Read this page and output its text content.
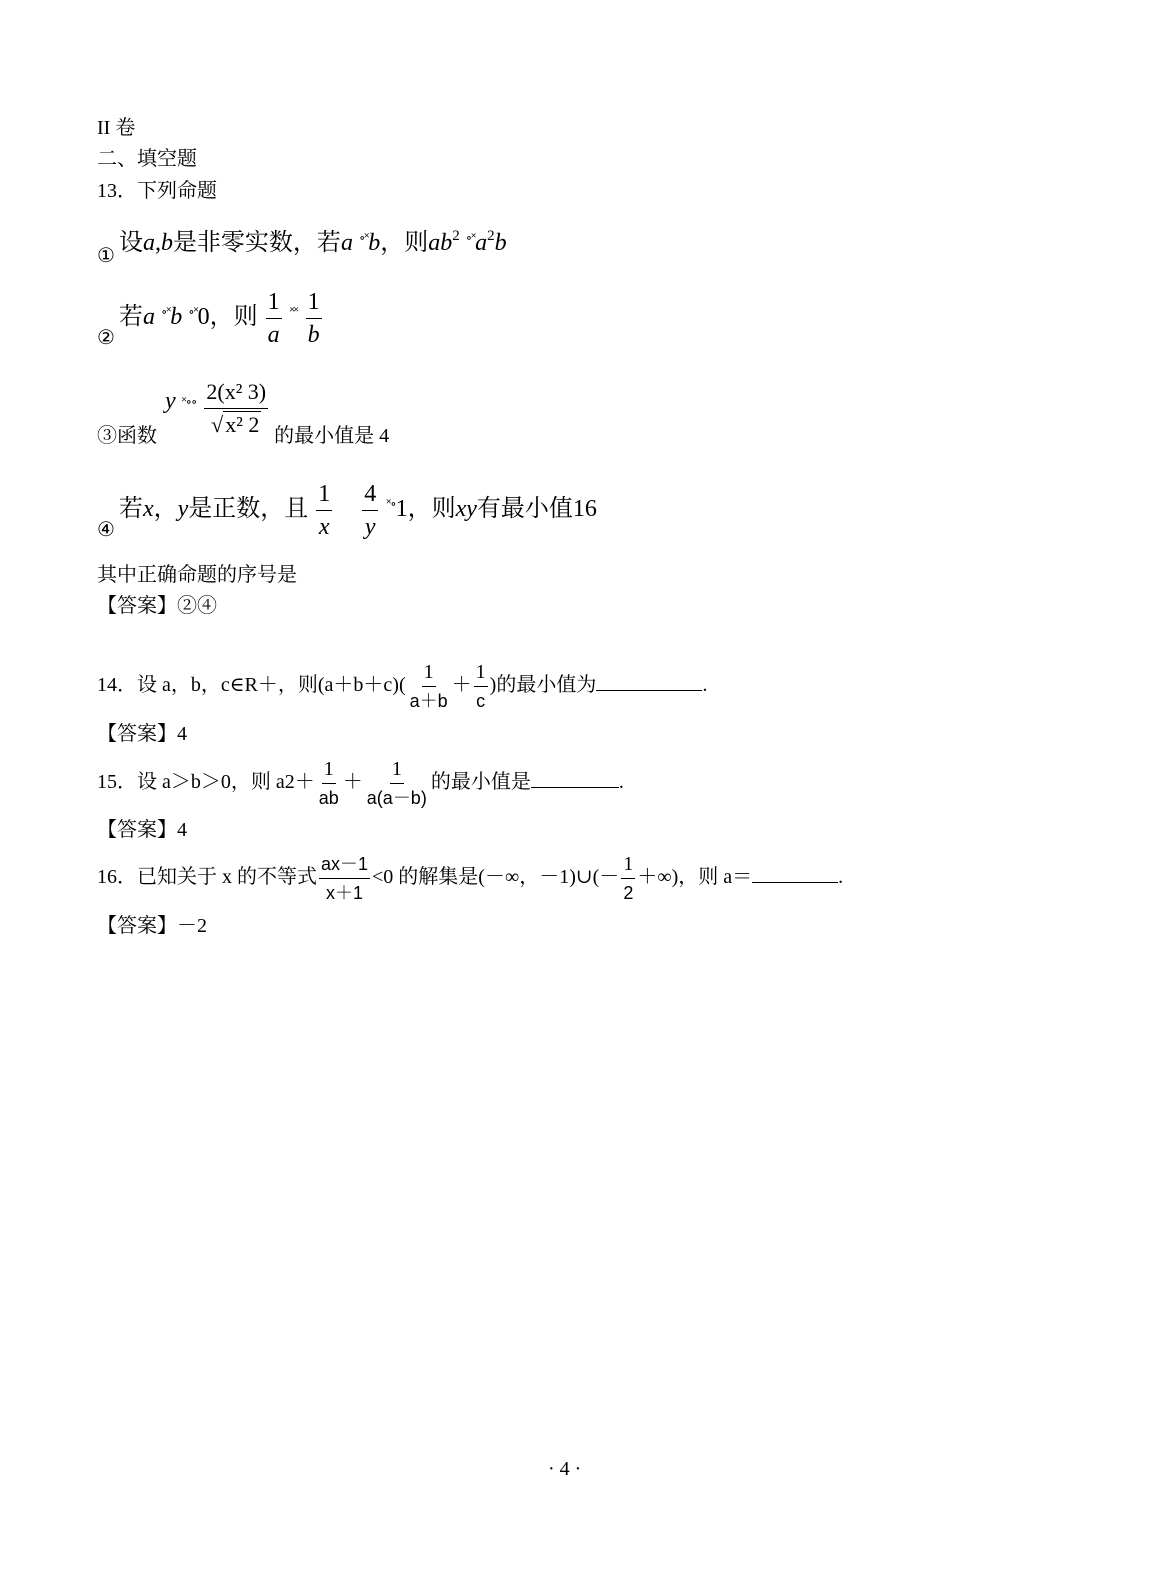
II 卷
二、填空题
13．下列命题
① 设a,b是非零实数，若a ∘˟b，则$ab^2$ $^{\circ˟}a^2b$
② 若a ∘˟b ∘˟0，则 $\frac{1}{a} ^{˟˟} \frac{1}{b}$
③函数 y $^{˟\circ\circ} \frac{\text{2(x² 3)}}{\text{√x² 2}}$ 的最小值是 4
④ 若x，y是正数，且 $\frac{1}{x}$
$\frac{4}{y} ^{˟\circ}1$，则xy有最小值16
其中正确命题的序号是
【答案】②④
14．设 a，b，c∈R＋，则$(a+b+c)( \frac{1}{a+b} + \frac{1}{c}$ )的最小值为	.
【答案】4
15．设 a＞b＞0，则 $a2+ \frac{1}{ab} + \frac{1}{a(a-b)}$ 的最小值是	.
【答案】4
16．已知关于 x 的不等式 $\frac{ax-1}{x+1} <0$ 的解集是(－∞，－1)∪(－ $\frac{1}{2}$ ＋∞)，则 a＝	.
【答案】－2
· 4 ·
